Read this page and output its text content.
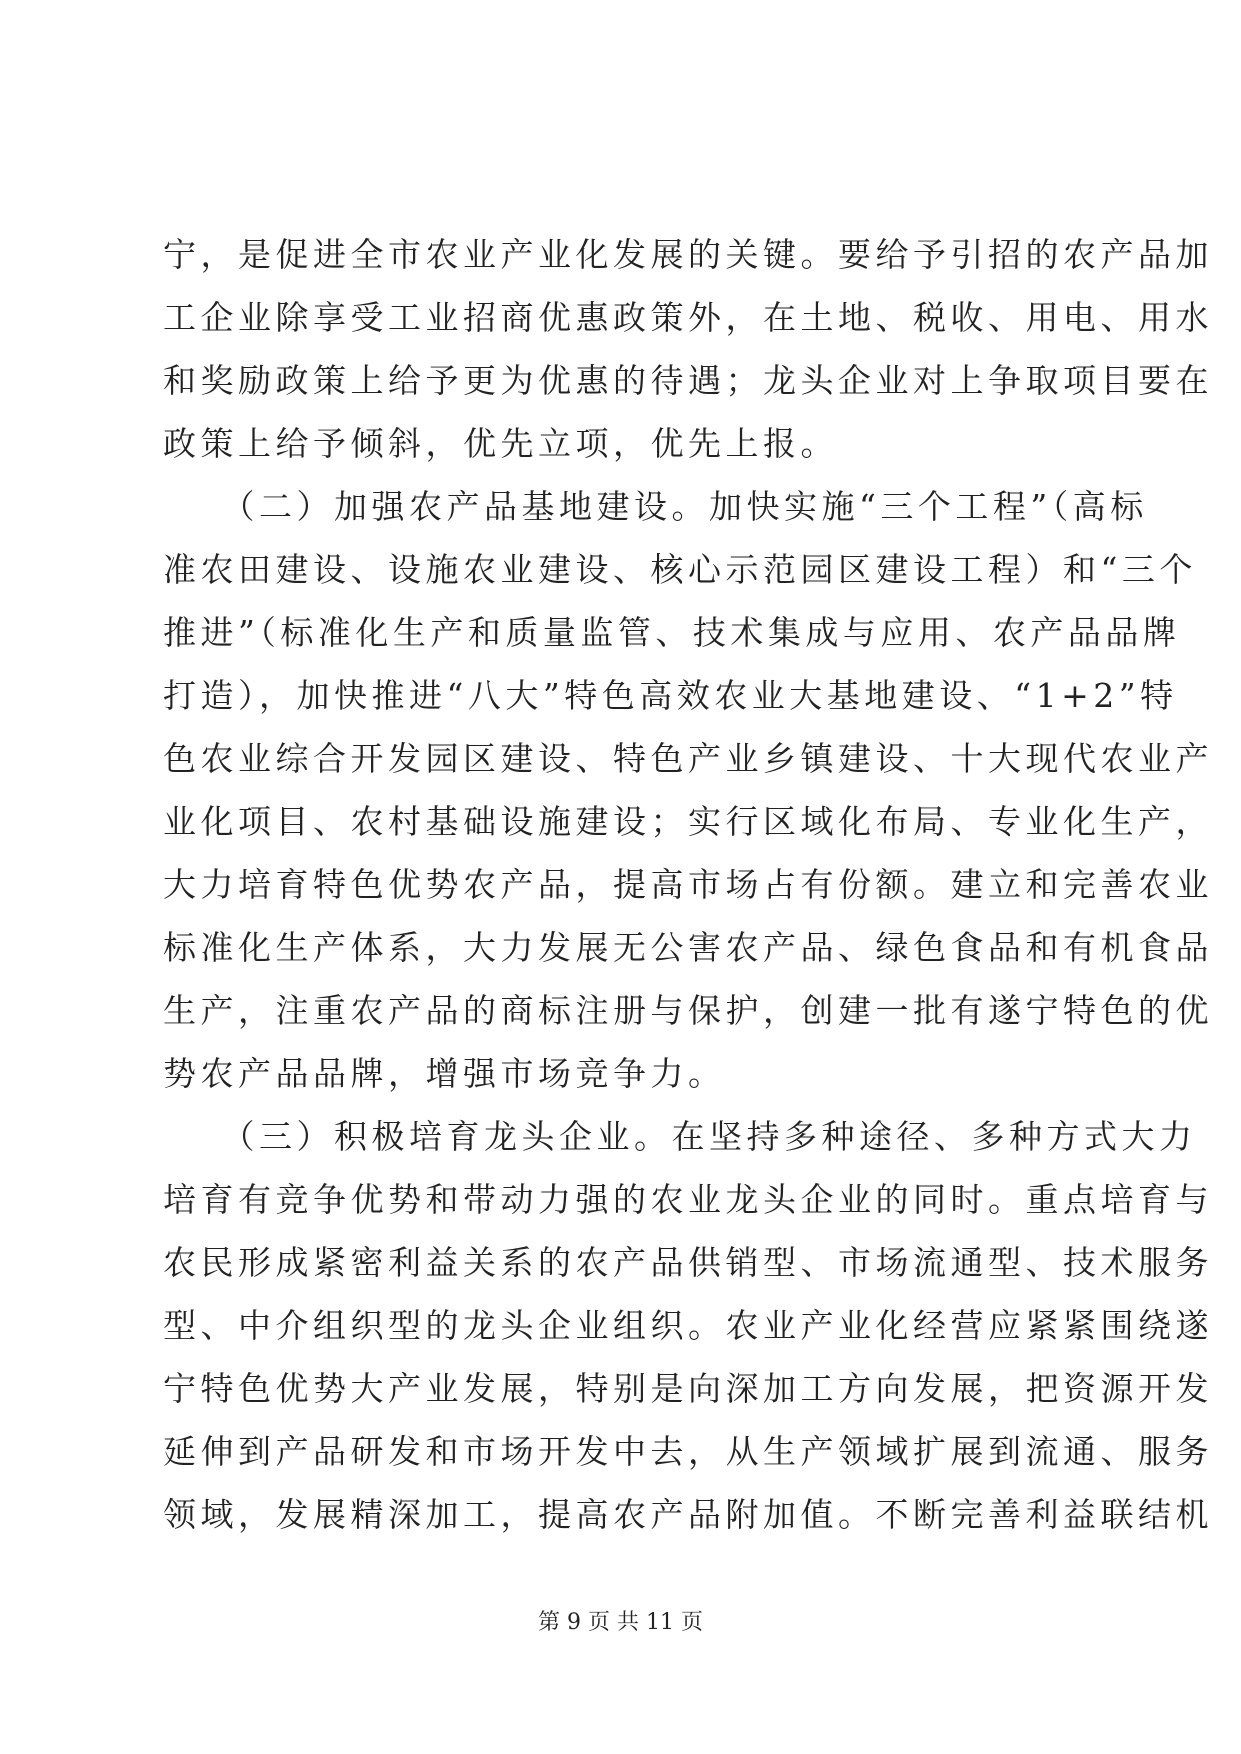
宁，是促进全市农业产业化发展的关键。要给予引招的农产品加
工企业除享受工业招商优惠政策外，在土地、税收、用电、用水
和奖励政策上给予更为优惠的待遇；龙头企业对上争取项目要在
政策上给予倾斜，优先立项，优先上报。
　　（二）加强农产品基地建设。加快实施“三个工程”（高标
准农田建设、设施农业建设、核心示范园区建设工程）和“三个
推进”（标准化生产和质量监管、技术集成与应用、农产品品牌
打造），加快推进“八大”特色高效农业大基地建设、“1+2”特
色农业综合开发园区建设、特色产业乡镇建设、十大现代农业产
业化项目、农村基础设施建设；实行区域化布局、专业化生产，
大力培育特色优势农产品，提高市场占有份额。建立和完善农业
标准化生产体系，大力发展无公害农产品、绿色食品和有机食品
生产，注重农产品的商标注册与保护，创建一批有遂宁特色的优
势农产品品牌，增强市场竞争力。
　　（三）积极培育龙头企业。在坚持多种途径、多种方式大力
培育有竞争优势和带动力强的农业龙头企业的同时。重点培育与
农民形成紧密利益关系的农产品供销型、市场流通型、技术服务
型、中介组织型的龙头企业组织。农业产业化经营应紧紧围绕遂
宁特色优势大产业发展，特别是向深加工方向发展，把资源开发
延伸到产品研发和市场开发中去，从生产领域扩展到流通、服务
领域，发展精深加工，提高农产品附加值。不断完善利益联结机
第 9 页 共 11 页
